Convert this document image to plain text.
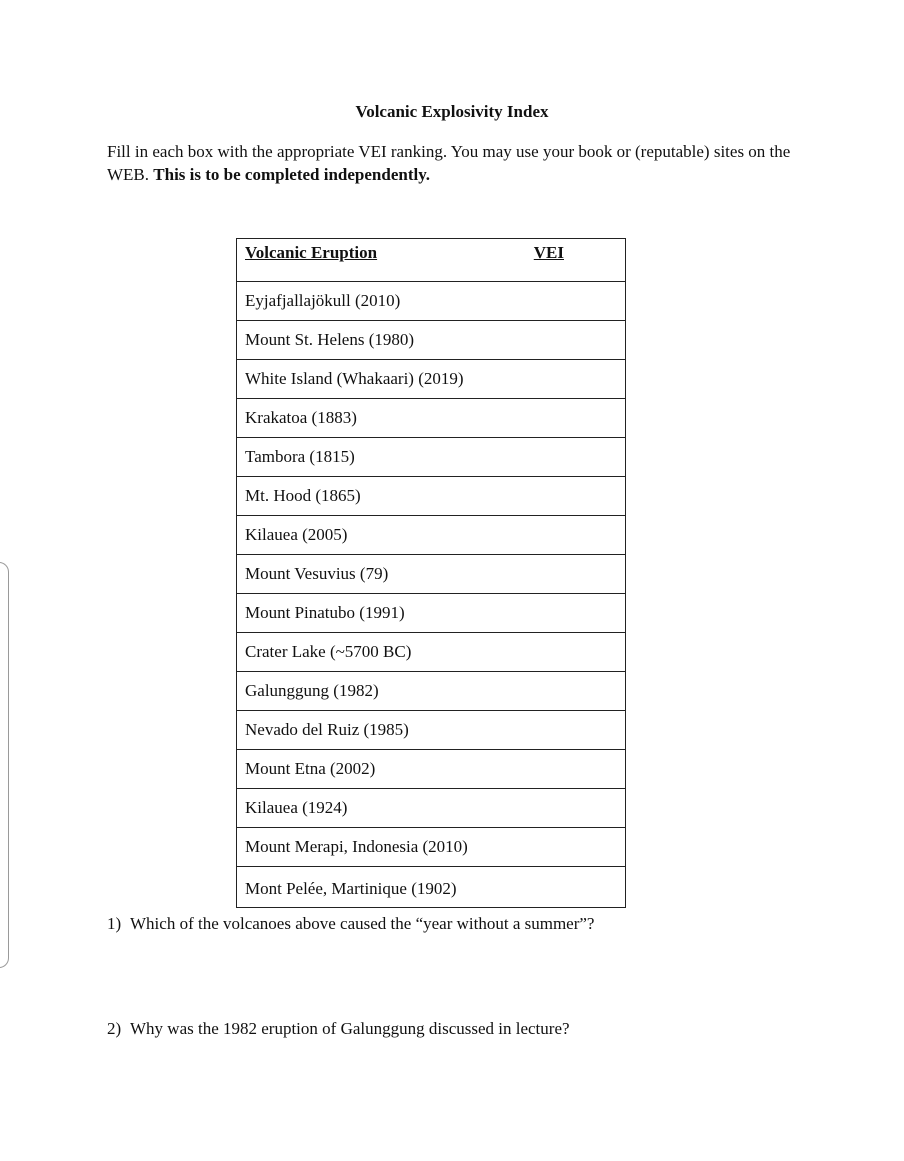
Volcanic Explosivity Index
Fill in each box with the appropriate VEI ranking. You may use your book or (reputable) sites on the WEB. This is to be completed independently.
Volcanic Eruption	VEI

Eyjafjallajökull (2010)

Mount St. Helens (1980)

White Island (Whakaari) (2019)

Krakatoa (1883)

Tambora (1815)

Mt. Hood (1865)

Kilauea (2005)

Mount Vesuvius (79)

Mount Pinatubo (1991)

Crater Lake (~5700 BC)

Galunggung (1982)

Nevado del Ruiz (1985)

Mount Etna (2002)

Kilauea (1924)

Mount Merapi, Indonesia (2010)

Mont Pelée, Martinique (1902)
1) Which of the volcanoes above caused the “year without a summer”?
2) Why was the 1982 eruption of Galunggung discussed in lecture?
